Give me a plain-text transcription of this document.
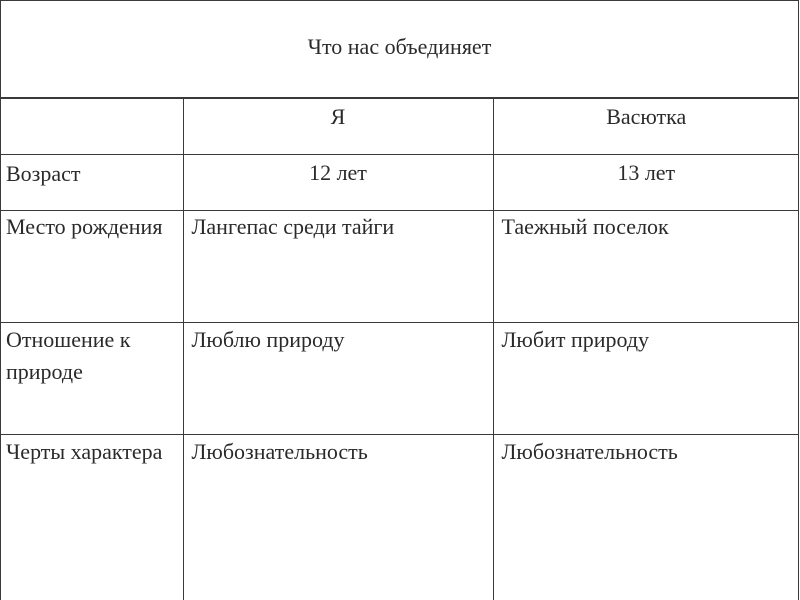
Что нас объединяет

	Я	Васютка

Возраст	12 лет	13 лет

Место рождения	Лангепас среди тайги	Таежный поселок

Отношение к природе	Люблю природу	Любит природу

Черты характера	Любознательность	Любознательность
